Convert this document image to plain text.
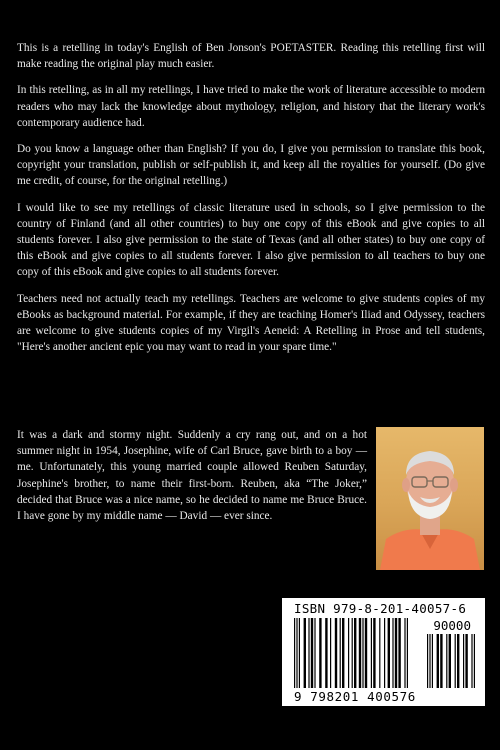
This is a retelling in today's English of Ben Jonson's POETASTER. Reading this retelling first will make reading the original play much easier.

In this retelling, as in all my retellings, I have tried to make the work of literature accessible to modern readers who may lack the knowledge about mythology, religion, and history that the literary work's contemporary audience had.

Do you know a language other than English? If you do, I give you permission to translate this book, copyright your translation, publish or self-publish it, and keep all the royalties for yourself. (Do give me credit, of course, for the original retelling.)

I would like to see my retellings of classic literature used in schools, so I give permission to the country of Finland (and all other countries) to buy one copy of this eBook and give copies to all students forever. I also give permission to the state of Texas (and all other states) to buy one copy of this eBook and give copies to all students forever. I also give permission to all teachers to buy one copy of this eBook and give copies to all students forever.

Teachers need not actually teach my retellings. Teachers are welcome to give students copies of my eBooks as background material. For example, if they are teaching Homer's Iliad and Odyssey, teachers are welcome to give students copies of my Virgil's Aeneid: A Retelling in Prose and tell students, "Here's another ancient epic you may want to read in your spare time."

It was a dark and stormy night. Suddenly a cry rang out, and on a hot summer night in 1954, Josephine, wife of Carl Bruce, gave birth to a boy — me. Unfortunately, this young married couple allowed Reuben Saturday, Josephine's brother, to name their first-born. Reuben, aka “The Joker,” decided that Bruce was a nice name, so he decided to name me Bruce Bruce. I have gone by my middle name — David — ever since.

ISBN 979-8-201-40057-6
90000
9 798201 400576
